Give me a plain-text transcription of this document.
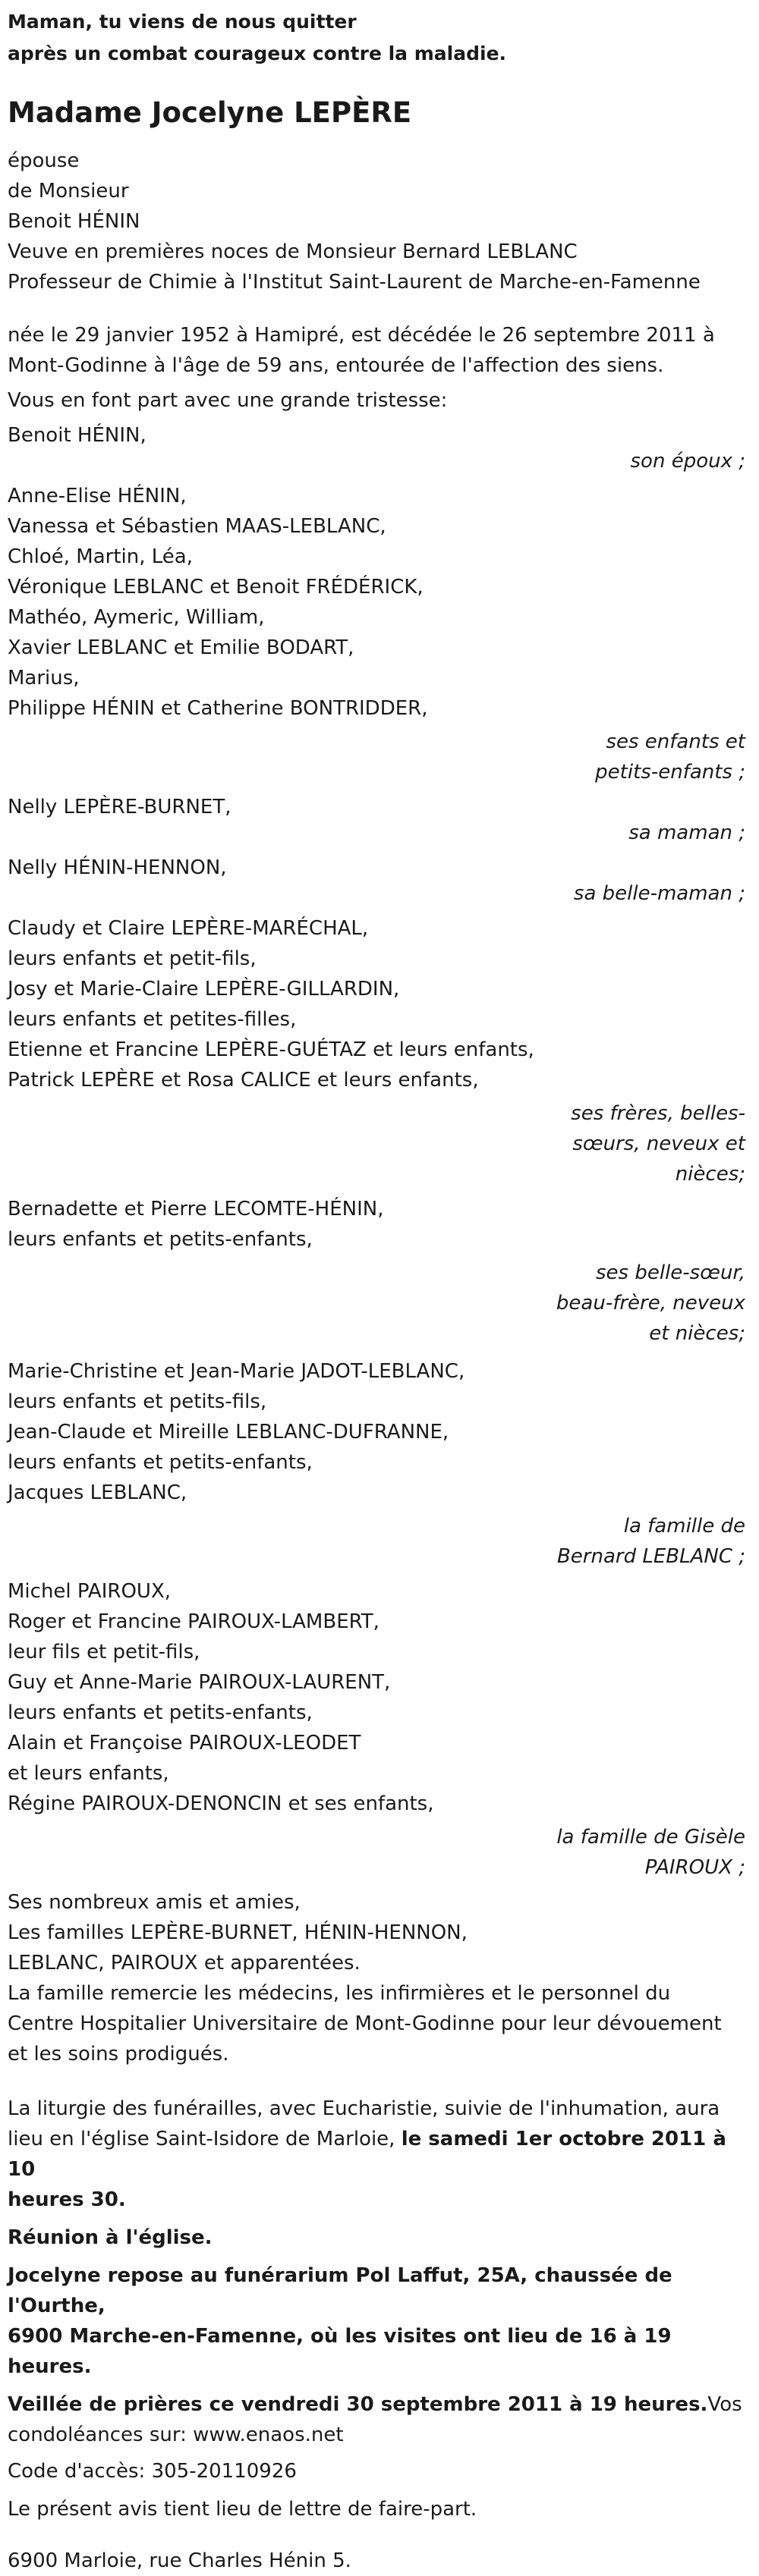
Maman, tu viens de nous quitter

après un combat courageux contre la maladie.

Madame Jocelyne LEPÈRE
épouse
de Monsieur
Benoit HÉNIN
Veuve en premières noces de Monsieur Bernard LEBLANC
Professeur de Chimie à l'Institut Saint-Laurent de Marche-en-Famenne
née le 29 janvier 1952 à Hamipré, est décédée le 26 septembre 2011 à
Mont-Godinne à l'âge de 59 ans, entourée de l'affection des siens.
Vous en font part avec une grande tristesse:
Benoit HÉNIN,
son époux ;
Anne-Elise HÉNIN,
Vanessa et Sébastien MAAS-LEBLANC,
Chloé, Martin, Léa,
Véronique LEBLANC et Benoit FRÉDÉRICK,
Mathéo, Aymeric, William,
Xavier LEBLANC et Emilie BODART,
Marius,
Philippe HÉNIN et Catherine BONTRIDDER,
ses enfants et
petits-enfants ;
Nelly LEPÈRE-BURNET,
sa maman ;
Nelly HÉNIN-HENNON,
sa belle-maman ;
Claudy et Claire LEPÈRE-MARÉCHAL,
leurs enfants et petit-fils,
Josy et Marie-Claire LEPÈRE-GILLARDIN,
leurs enfants et petites-filles,
Etienne et Francine LEPÈRE-GUÉTAZ et leurs enfants,
Patrick LEPÈRE et Rosa CALICE et leurs enfants,
ses frères, belles-
sœurs, neveux et
nièces;
Bernadette et Pierre LECOMTE-HÉNIN,
leurs enfants et petits-enfants,
ses belle-sœur,
beau-frère, neveux
et nièces;
Marie-Christine et Jean-Marie JADOT-LEBLANC,
leurs enfants et petits-fils,
Jean-Claude et Mireille LEBLANC-DUFRANNE,
leurs enfants et petits-enfants,
Jacques LEBLANC,
la famille de
Bernard LEBLANC ;
Michel PAIROUX,
Roger et Francine PAIROUX-LAMBERT,
leur fils et petit-fils,
Guy et Anne-Marie PAIROUX-LAURENT,
leurs enfants et petits-enfants,
Alain et Françoise PAIROUX-LEODET
et leurs enfants,
Régine PAIROUX-DENONCIN et ses enfants,
la famille de Gisèle
PAIROUX ;
Ses nombreux amis et amies,
Les familles LEPÈRE-BURNET, HÉNIN-HENNON,
LEBLANC, PAIROUX et apparentées.
La famille remercie les médecins, les infirmières et le personnel du
Centre Hospitalier Universitaire de Mont-Godinne pour leur dévouement
et les soins prodigués.
La liturgie des funérailles, avec Eucharistie, suivie de l'inhumation, aura
lieu en l'église Saint-Isidore de Marloie, le samedi 1er octobre 2011 à 10
heures 30.
Réunion à l'église.
Jocelyne repose au funérarium Pol Laffut, 25A, chaussée de l'Ourthe,
6900 Marche-en-Famenne, où les visites ont lieu de 16 à 19 heures.
Veillée de prières ce vendredi 30 septembre 2011 à 19 heures.Vos
condoléances sur: www.enaos.net
Code d'accès: 305-20110926
Le présent avis tient lieu de lettre de faire-part.
6900 Marloie, rue Charles Hénin 5.
